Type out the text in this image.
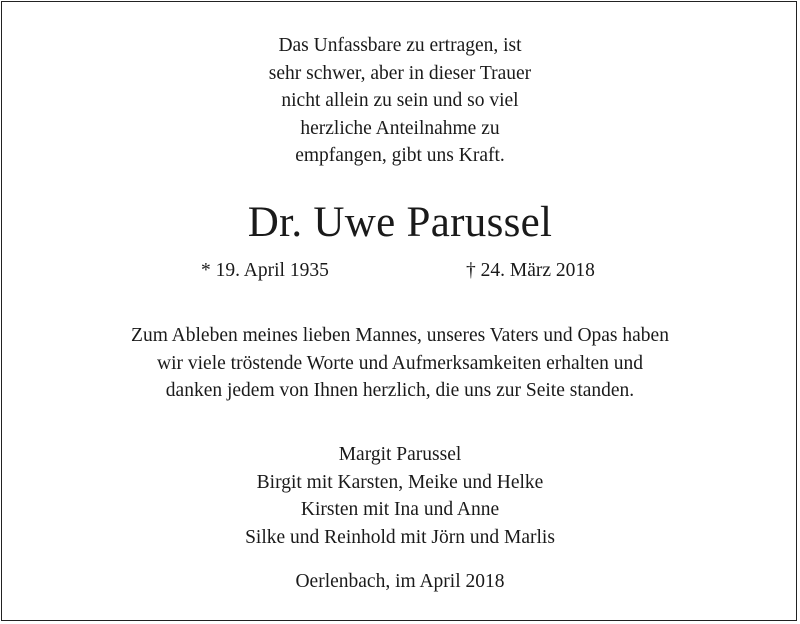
Das Unfassbare zu ertragen, ist
sehr schwer, aber in dieser Trauer
nicht allein zu sein und so viel
herzliche Anteilnahme zu
empfangen, gibt uns Kraft.
Dr. Uwe Parussel
* 19. April 1935	† 24. März 2018
Zum Ableben meines lieben Mannes, unseres Vaters und Opas haben
wir viele tröstende Worte und Aufmerksamkeiten erhalten und
danken jedem von Ihnen herzlich, die uns zur Seite standen.
Margit Parussel
Birgit mit Karsten, Meike und Helke
Kirsten mit Ina und Anne
Silke und Reinhold mit Jörn und Marlis
Oerlenbach, im April 2018
